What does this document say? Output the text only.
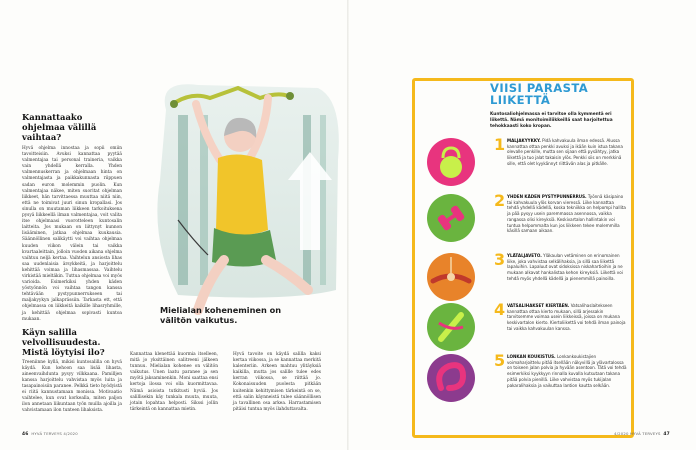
Kannattaako ohjelmaa välillä vaihtaa?
Hyvä ohjelma innostaa ja sopii omiin tavoitteisiin. Avuksi kannattaa pyytää valmentajaa tai personal traineria, vaikka vain yhdellä kerralla. Yhden valmennuskerran ja ohjelmaan hinta on valmentajasta ja paikkakunnasta riippuen sadan euron molemmin puolin. Kun valmentajaa näkee, miten suoritat ohjelman liikkeet, hän tarvittaessa muuttaa niitä niin, että ne toimivat juuri sinun kropallasi. Jos sinulla on muutaman liikkeen tarkoituksena pysyä liikkeellä ilman valmentajaa, voit valita itse ohjelmaasi vuorotteleen kuntosalin laitteita. Jos mukaan on liittynyt kunnon lisääminen, jatkaa ohjelmaa kuukausia. Säännöllinen salikäytti voi vaihtaa ohjelmaa kuuden viikon välein tai vaikka kvartaaleittain, jolloin vuoden aikana ohjelma vaihtuu neljä kertaa. Vaihtelun ansiosta lihas saa uudenlaisia ärsykkeitä, ja harjoittelu kehittää voimaa ja lihasmassaa. Vaihtelu virkistää mieltäkin. Tuttua ohjelmaa voi myös varioida. Esimerkiksi yhden käden yöstyönnön voi vaihtaa tangon kanssa tehtävään pystypunnerrukseen tai maljakyykyn jalkaprässiin. Tarkasta ett, että ohjelmassa on liikkeitä kaikille lihasryhmille, ja kehittää ohjelmaa sopivasti kuntoa mukaan.
Käyn salilla velvollisuudesta. Mistä löytyisi ilo?
Treeniinne kyllä, mikisi kuntosalilla on hyvä käydä. Kun kehoon saa lisää lihasta, aineenvaihdunta pysyy vilkkaana. Pamilljen kanssa harjoittelu vahvistaa myös luita ja tasapainoisiin paranee. Pelkkä tieto hyödyistä ei riitä kannustamaan monissa. Motivaatio vaihtelee, kun ovat korkealla, miten paljon ilon annetaan liikuntaan työn muilla ajoilla ja vahvistamaan ilon tunteen lihaksista.
Mielialan koheneminen on välitön vaikutus.
Kannattaa klenettää kuormia itselleen, mitä jo yksittäinen salitreeni jälkeen tunnuu. Mielialan kohenee on välitön vaikutus. Unen laatu paranee ja sen myötä jaksaminenkin. Moni saattaa ensi kertoja ilossa voi olla kuormittavaa. Nämä asioista tutkitusti hyviä. Jos salillisekin käy tunkala muuta, muuta, jotain lopahtaa helposti. Sikssi jollin tärkeintä on kannattaa mietin.
Hyvä tavoite on käydä salilla kaksi kertaa viikossa, ja se kannattaa merkitä kalenteriin. Arkeen mahtuu ylitäyksiä kaikilla, mutta jos salille tulee edes kerran viikossa, se riittää jo. Kokonaisuuden puolesta pitkään kuitenkin kehittymisen tärkeintä on se, että salin käynneistä tulee säännöllisen ja tavallinen osa arkea. Harrastamisen pitäisi tuntua myös ilahduttavalta.
46 HYVÄ TERVEYS 4/2020
VIISI PARASTA
LIIKETTÄ
Kuntosaliohjelmassa ei tarvitse olla kymmentä eri liikettä. Nämä monitoimiliikkeillä saat harjoitettua tehokkaasti koko kropan.
1 MALJAKYYKKY. Pidä kahvakuula ilman edessä. Alussa kannattaa ottaa penkki avuksi ja ikään kuin istua takana olevalle penkille, mutta sen sijaan että pysähtyy, jatka liikettä ja tuo jalat takaisin ylös. Penkki siis on merkkinä sille, että olet kyykännyt riittävän alas ja pitkälle.
2 YHDEN KÄDEN PYSTYPUNNERRUS. Työnnä käsipaino tai kahvakuula ylös korvan vieressä. Liike kannattaa tehdä yhdellä kädellä, koska tekniikka on helpompi hallita ja pää pysyy usein paremmassa asennossa, vaikka rangassa olisi kireyksiä. Keskivartalon hallintakin voi tuntua helpommalta kun jos liikkeen tekee molemmilla käsillä samaan aikaan.
3 YLÄTALJAVETO. Yläkaulan vetäminen on erinomainen liike, joka vahvistaa selkälihaksia, ja sillä saa liikettä lapaluihin. Lapaluut ovat sidoksissa niskahartioihin ja ne mukaan alkavat hankalistaa kehon kireyksiä. Liikettä voi tehdä myös yhdellä kädellä ja pienemmillä painoilla.
4 VATSALIHAKSET KIERTÄEN. Vatsalihaslaitekseen kannattaa ottaa kierto mukaan, sillä arjessakin tarvitsemme voimaa usein liikkeissä, joissa on mukana keskivartalon kierto. Kiertoliikettä voi tehdä ilman painoja tai vaikka kahvakuulan kanssa.
5 LONKAN KOUKISTUS. Lonkankoukistajien voimaharjoittelu pitää itsellään näkyvillä ja ylävartalossa on toiseen jalan polvia ja hyvään asentoon. Tätä voi tehdä esimerkiksi kyykkyyn rinnalla kuvalla kutsutaan takana pitää polvia pienillä. Liike vahvistaa myös tukijalan pakaralihaksia ja vaikuttaa lantion kautta selkään.
4/2020 HYVÄ TERVEYS 47
